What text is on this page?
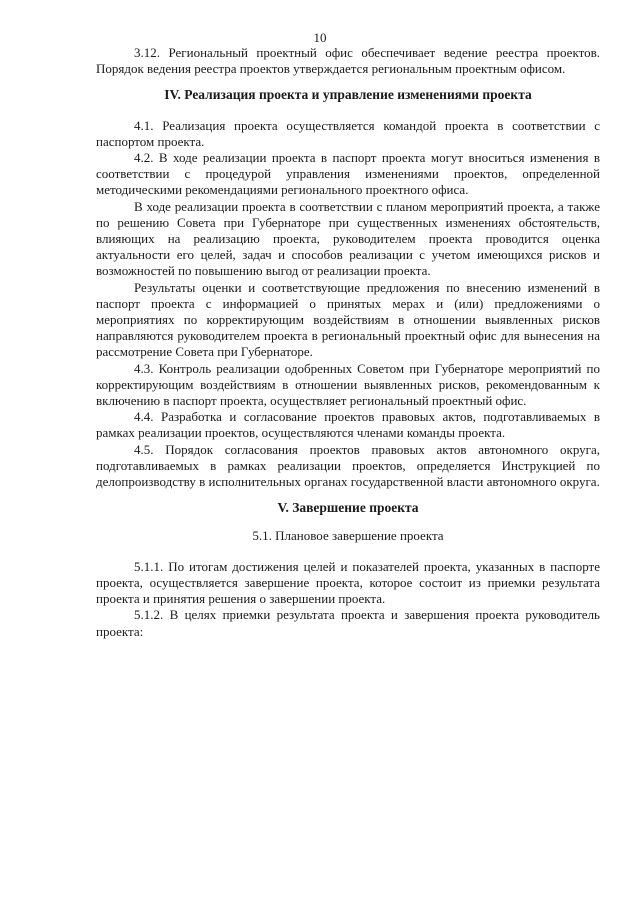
10

3.12. Региональный проектный офис обеспечивает ведение реестра проектов. Порядок ведения реестра проектов утверждается региональным проектным офисом.

IV. Реализация проекта и управление изменениями проекта

4.1. Реализация проекта осуществляется командой проекта в соответствии с паспортом проекта.

4.2. В ходе реализации проекта в паспорт проекта могут вноситься изменения в соответствии с процедурой управления изменениями проектов, определенной методическими рекомендациями регионального проектного офиса.

В ходе реализации проекта в соответствии с планом мероприятий проекта, а также по решению Совета при Губернаторе при существенных изменениях обстоятельств, влияющих на реализацию проекта, руководителем проекта проводится оценка актуальности его целей, задач и способов реализации с учетом имеющихся рисков и возможностей по повышению выгод от реализации проекта.

Результаты оценки и соответствующие предложения по внесению изменений в паспорт проекта с информацией о принятых мерах и (или) предложениями о мероприятиях по корректирующим воздействиям в отношении выявленных рисков направляются руководителем проекта в региональный проектный офис для вынесения на рассмотрение Совета при Губернаторе.

4.3. Контроль реализации одобренных Советом при Губернаторе мероприятий по корректирующим воздействиям в отношении выявленных рисков, рекомендованным к включению в паспорт проекта, осуществляет региональный проектный офис.

4.4. Разработка и согласование проектов правовых актов, подготавливаемых в рамках реализации проектов, осуществляются членами команды проекта.

4.5. Порядок согласования проектов правовых актов автономного округа, подготавливаемых в рамках реализации проектов, определяется Инструкцией по делопроизводству в исполнительных органах государственной власти автономного округа.

V. Завершение проекта

5.1. Плановое завершение проекта

5.1.1. По итогам достижения целей и показателей проекта, указанных в паспорте проекта, осуществляется завершение проекта, которое состоит из приемки результата проекта и принятия решения о завершении проекта.

5.1.2. В целях приемки результата проекта и завершения проекта руководитель проекта:
